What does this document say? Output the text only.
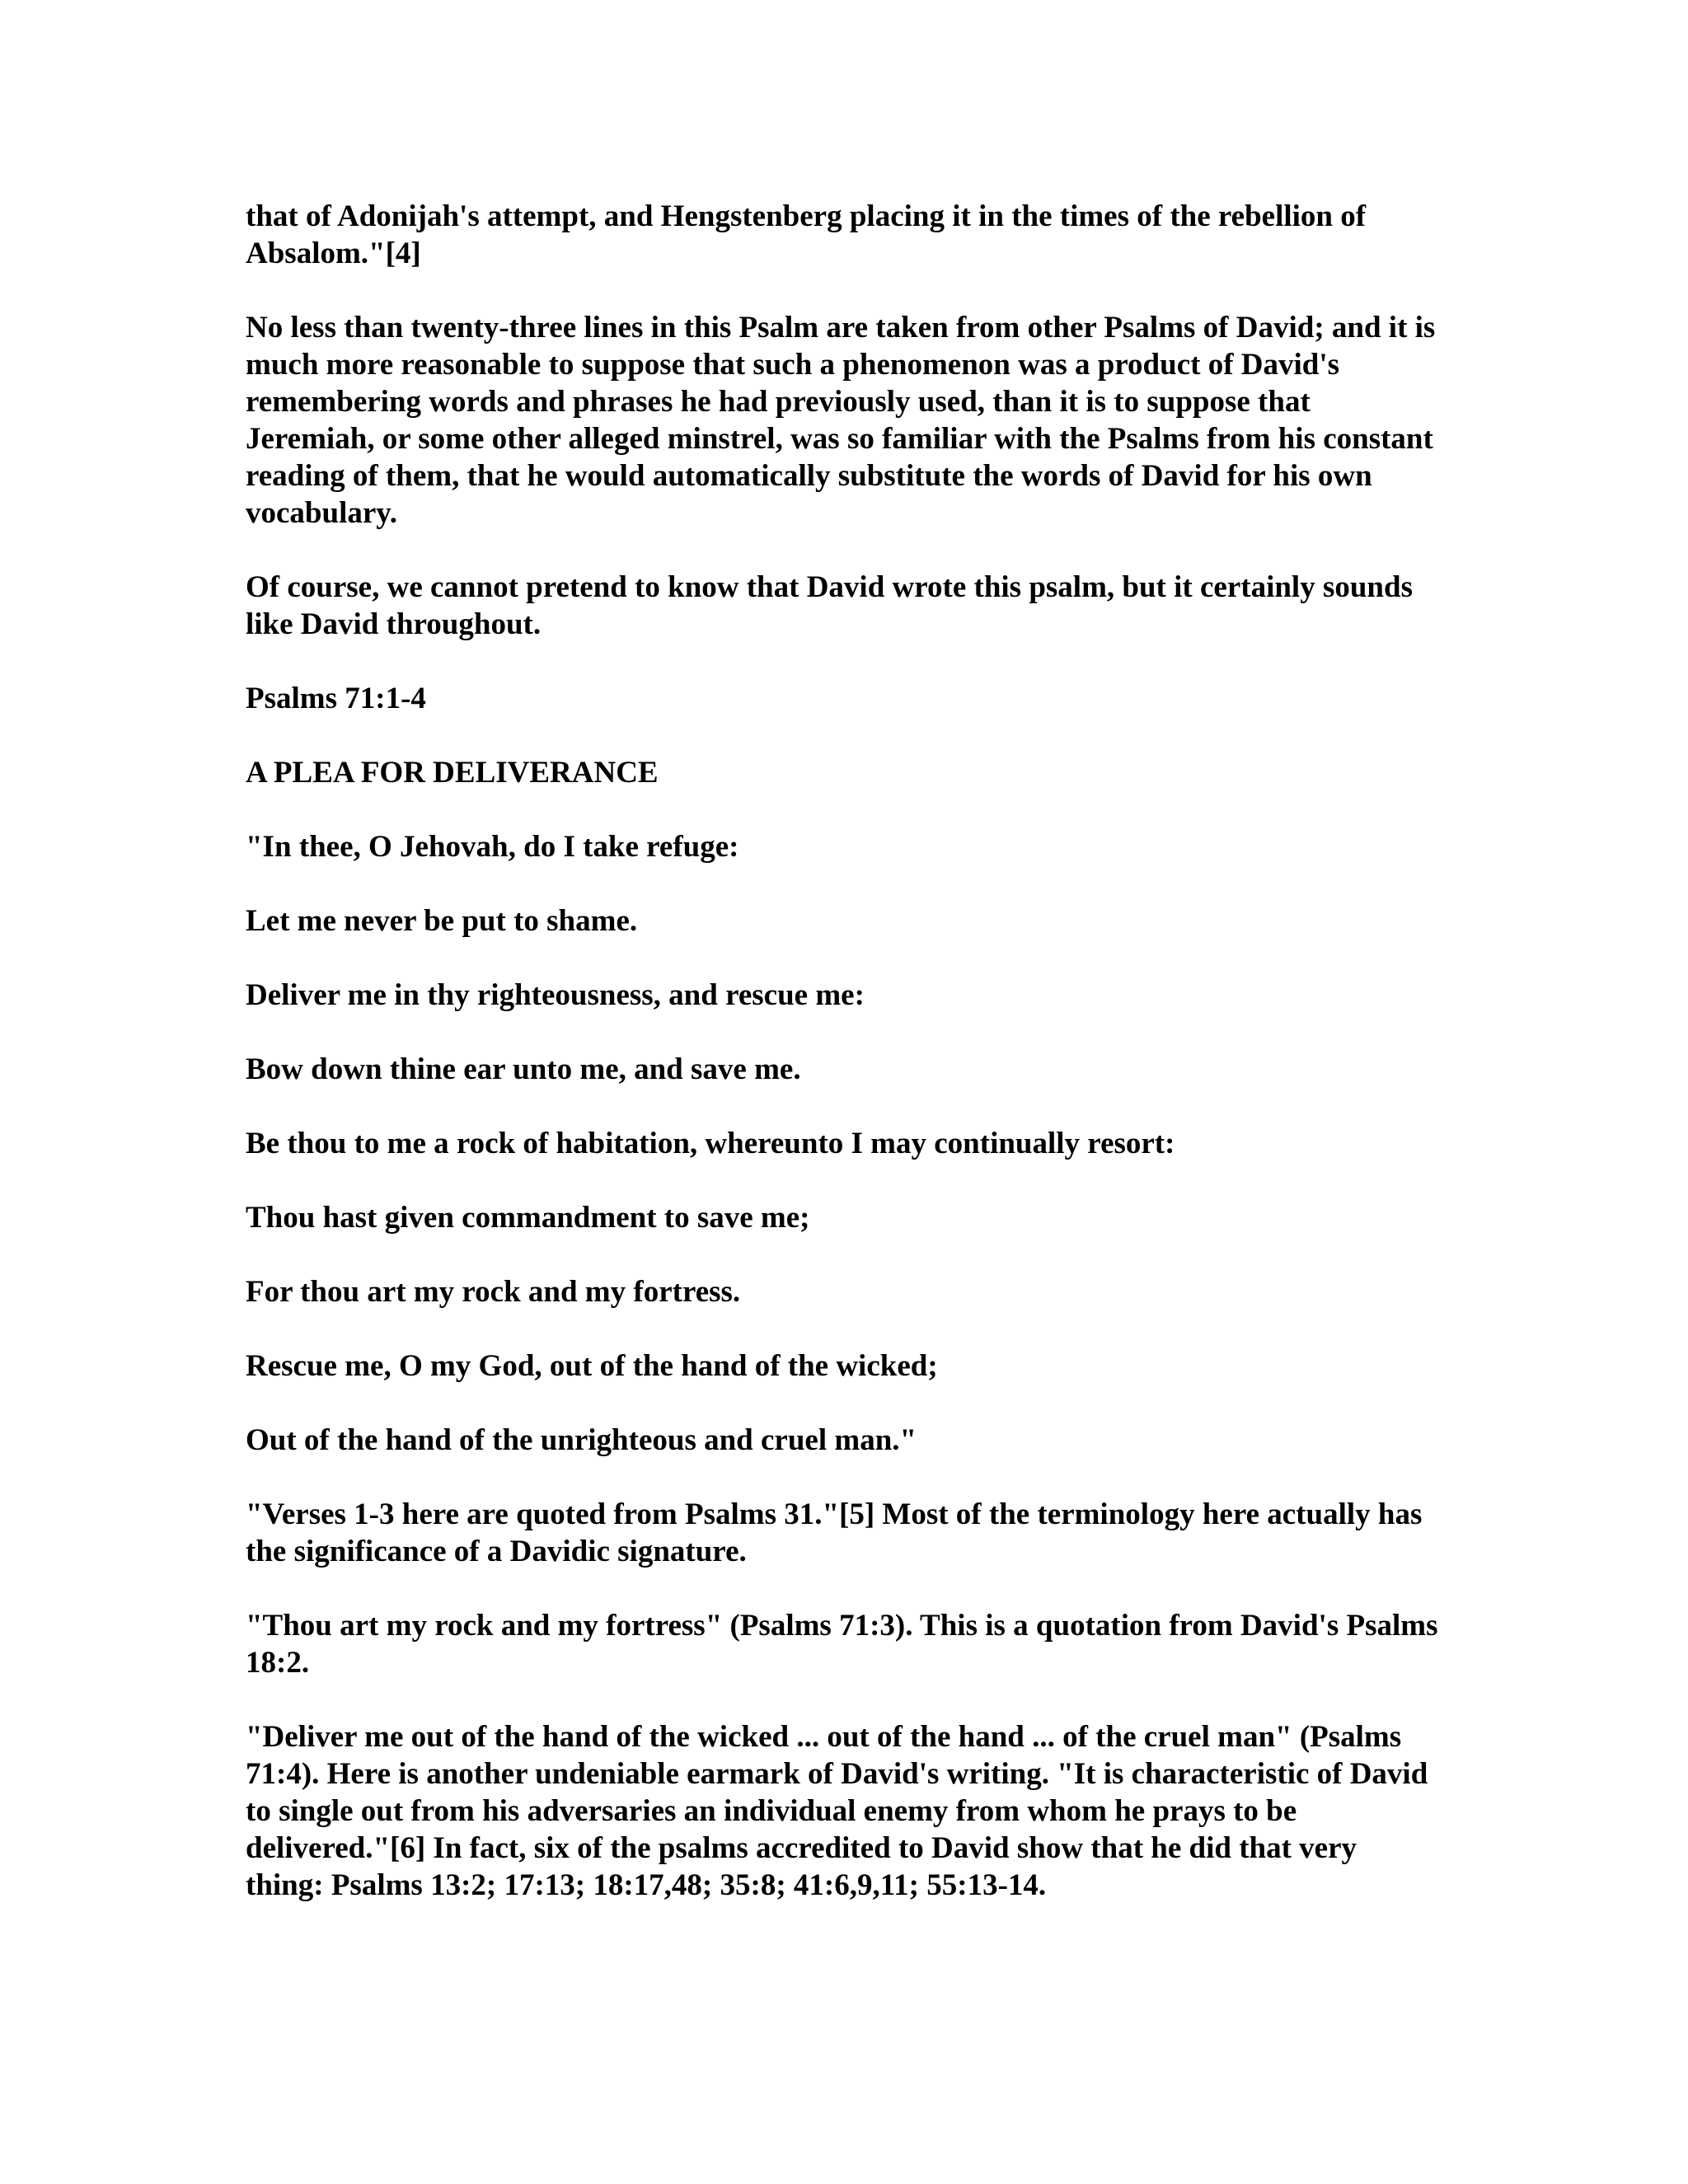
that of Adonijah's attempt, and Hengstenberg placing it in the times of the rebellion of Absalom."[4]

No less than twenty-three lines in this Psalm are taken from other Psalms of David; and it is much more reasonable to suppose that such a phenomenon was a product of David's remembering words and phrases he had previously used, than it is to suppose that Jeremiah, or some other alleged minstrel, was so familiar with the Psalms from his constant reading of them, that he would automatically substitute the words of David for his own vocabulary.

Of course, we cannot pretend to know that David wrote this psalm, but it certainly sounds like David throughout.

Psalms 71:1-4

A PLEA FOR DELIVERANCE

"In thee, O Jehovah, do I take refuge:

Let me never be put to shame.

Deliver me in thy righteousness, and rescue me:

Bow down thine ear unto me, and save me.

Be thou to me a rock of habitation, whereunto I may continually resort:

Thou hast given commandment to save me;

For thou art my rock and my fortress.

Rescue me, O my God, out of the hand of the wicked;

Out of the hand of the unrighteous and cruel man."

"Verses 1-3 here are quoted from Psalms 31."[5] Most of the terminology here actually has the significance of a Davidic signature.

"Thou art my rock and my fortress" (Psalms 71:3). This is a quotation from David's Psalms 18:2.

"Deliver me out of the hand of the wicked ... out of the hand ... of the cruel man" (Psalms 71:4). Here is another undeniable earmark of David's writing. "It is characteristic of David to single out from his adversaries an individual enemy from whom he prays to be delivered."[6] In fact, six of the psalms accredited to David show that he did that very thing: Psalms 13:2; 17:13; 18:17,48; 35:8; 41:6,9,11; 55:13-14.
